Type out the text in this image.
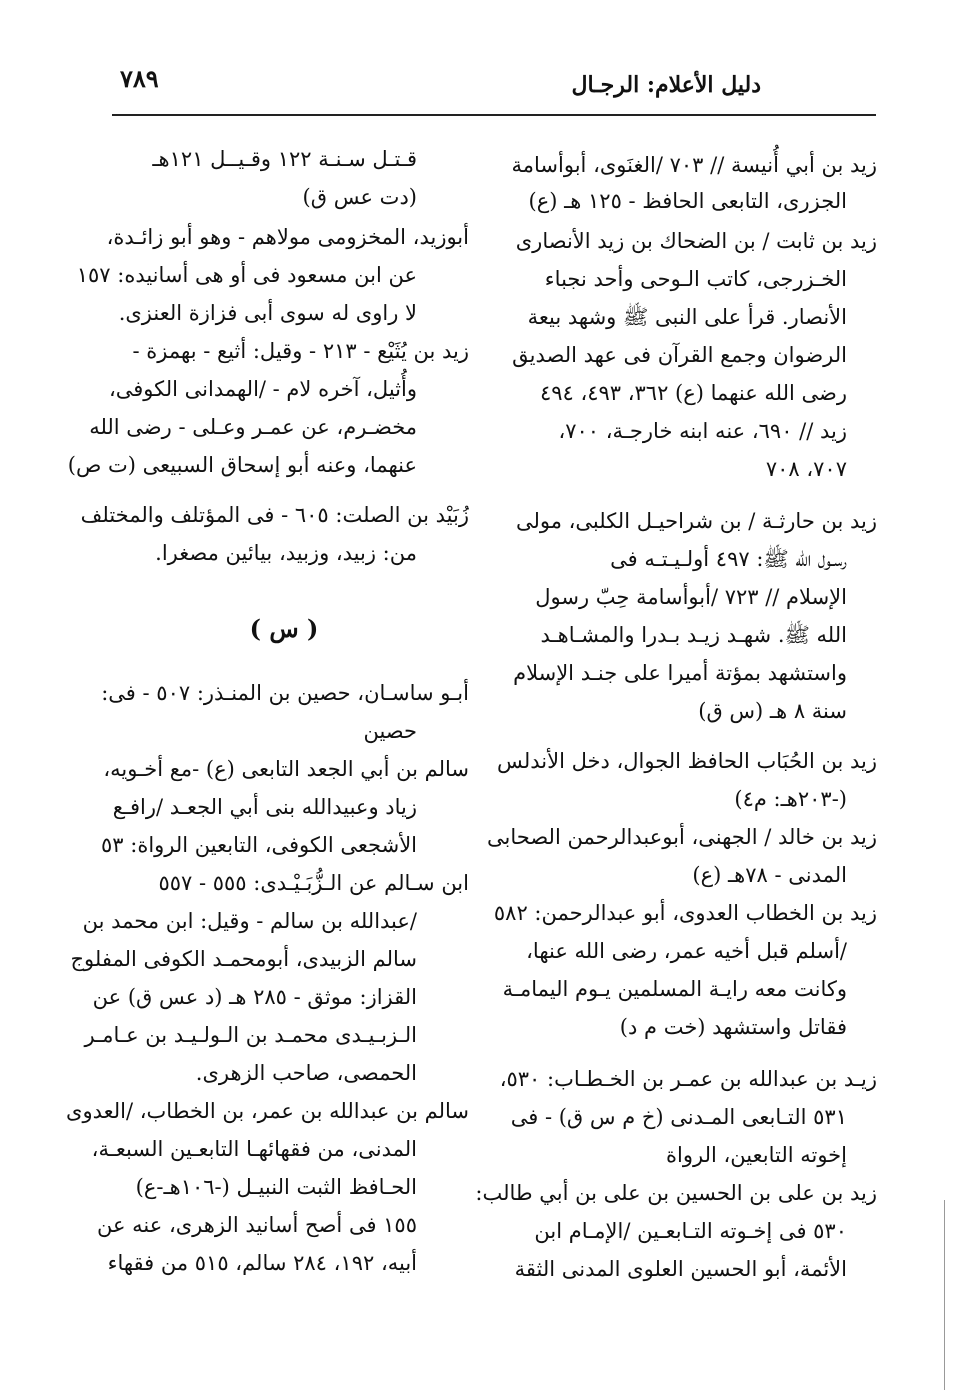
٧٨٩	دليل الأعلام: الرجـال
زيد بن أبي أُنيسة // ٧٠٣ /الغنَوى، أبوأسامة
الجزرى، التابعى الحافظ - ١٢٥ هـ (ع)
زيد بن ثابت / بن الضحاك بن زيد الأنصارى
الخـزرجى، كاتب الـوحى وأحد نجباء
الأنصار. قرأ على النبى ﷺ وشهد بيعة
الرضوان وجمع القرآن فى عهد الصديق
رضى الله عنهما (ع) ٣٦٢، ٤٩٣، ٤٩٤
زيد // ٦٩٠، عنه ابنه خارجـة، ٧٠٠،
٧٠٧، ٧٠٨
زيد بن حارثـة / بن شراحيـل الكلبى، مولى
رسـول الله ﷺ: ٤٩٧ أولـيـتـه فى
الإسلام // ٧٢٣ /أبوأسامة حِبّ رسول
الله ﷺ. شهـد زيـد بـدرا والمشـاهـد
واستشهد بمؤتة أميرا على جنـد الإسلام
سنة ٨ هـ (س ق)
زيد بن الحُبَاب الحافظ الجوال، دخل الأندلس
(-٢٠٣هـ: م٤)
زيد بن خالد / الجهنى، أبوعبدالرحمن الصحابى
المدنى - ٧٨هـ (ع)
زيد بن الخطاب العدوى، أبو عبدالرحمن: ٥٨٢
/أسلم قبل أخيه عمر، رضى الله عنها،
وكانت معه رايـة المسلمين يـوم اليمامـة
فقاتل واستشهد (خت م د)
زيـد بن عبدالله بن عمـر بن الخـطـاب: ٥٣٠،
٥٣١ التـابعى المـدنى (خ م س ق) - فى
إخوته التابعين، الرواة
زيد بن على بن الحسين بن على بن أبي طالب:
٥٣٠ فى إخـوته التـابعـين /الإمـام ابن
الأئمة، أبو الحسين العلوى المدنى الثقة
قـتـل سـنـة ١٢٢ وقـيــل ١٢١هـ
(دت عس ق)
أبوزيد، المخزومى مولاهم - وهو أبو زائـدة،
عن ابن مسعود فى أو هى أسانيده: ١٥٧
لا راوى له سوى أبى فزازة العنزى.
زيد بن يُثَيْع - ٢١٣ - وقيل: أثيع - بهمزة -
وأُثيل، آخره لام - /الهمدانى الكوفى،
مخضـرم، عن عمـر وعـلى - رضى الله
عنهما، وعنه أبو إسحاق السبيعى (ت ص)
زُبَيْد بن الصلت: ٦٠٥ - فى المؤتلف والمختلف
من: زبيد، وزبيد، بيائين مصغرا.
( س )
أبـو ساسـان، حصين بن المنـذر: ٥٠٧ - فى:
حصين
سالم بن أبي الجعد التابعى (ع) -مع أخـويه،
زياد وعبيدالله بنى أبي الجعـد /رافـع
الأشجعى الكوفى، التابعين الرواة: ٥٣
ابن سـالم عن الـزُّبَـيْـدى: ٥٥٥ - ٥٥٧
/عبدالله بن سالم - وقيل: ابن محمد بن
سالم الزبيدى، أبومحمـد الكوفى المفلوج
القزاز: موثق - ٢٨٥ هـ (د عس ق) عن
الـزبـيـدى محمـد بن الـولـيـد بن عـامـر
الحمصى، صاحب الزهرى.
سالم بن عبدالله بن عمر، بن الخطاب، /العدوى
المدنى، من فقهائهـا التابعـين السبعـة،
الحـافظ الثبت النبيـل (-١٠٦هـ-ع)
١٥٥ فى أصح أسانيد الزهرى، عنه عن
أبيه، ١٩٢، ٢٨٤ سالم، ٥١٥ من فقهاء
